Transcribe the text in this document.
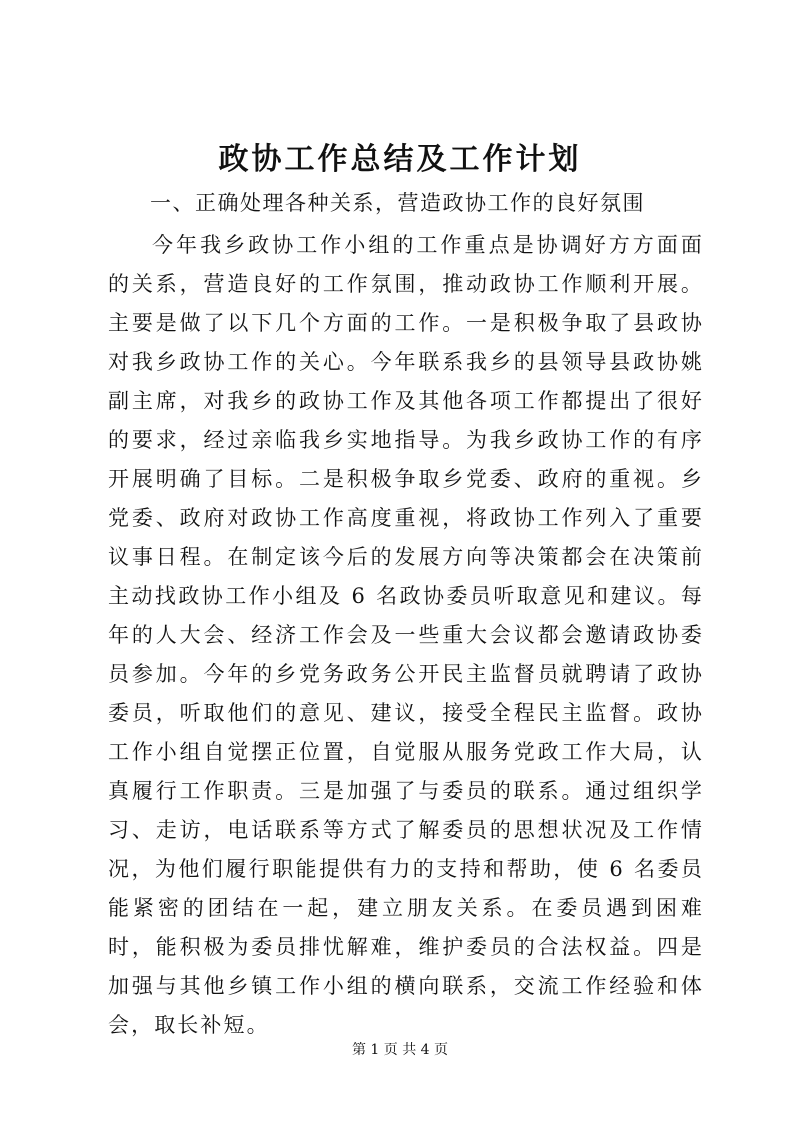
政协工作总结及工作计划

一、正确处理各种关系，营造政协工作的良好氛围

今年我乡政协工作小组的工作重点是协调好方方面面的关系，营造良好的工作氛围，推动政协工作顺利开展。主要是做了以下几个方面的工作。一是积极争取了县政协对我乡政协工作的关心。今年联系我乡的县领导县政协姚副主席，对我乡的政协工作及其他各项工作都提出了很好的要求，经过亲临我乡实地指导。为我乡政协工作的有序开展明确了目标。二是积极争取乡党委、政府的重视。乡党委、政府对政协工作高度重视，将政协工作列入了重要议事日程。在制定该今后的发展方向等决策都会在决策前主动找政协工作小组及 6 名政协委员听取意见和建议。每年的人大会、经济工作会及一些重大会议都会邀请政协委员参加。今年的乡党务政务公开民主监督员就聘请了政协委员，听取他们的意见、建议，接受全程民主监督。政协工作小组自觉摆正位置，自觉服从服务党政工作大局，认真履行工作职责。三是加强了与委员的联系。通过组织学习、走访，电话联系等方式了解委员的思想状况及工作情况，为他们履行职能提供有力的支持和帮助，使 6 名委员能紧密的团结在一起，建立朋友关系。在委员遇到困难时，能积极为委员排忧解难，维护委员的合法权益。四是加强与其他乡镇工作小组的横向联系，交流工作经验和体会，取长补短。

第 1 页 共 4 页
